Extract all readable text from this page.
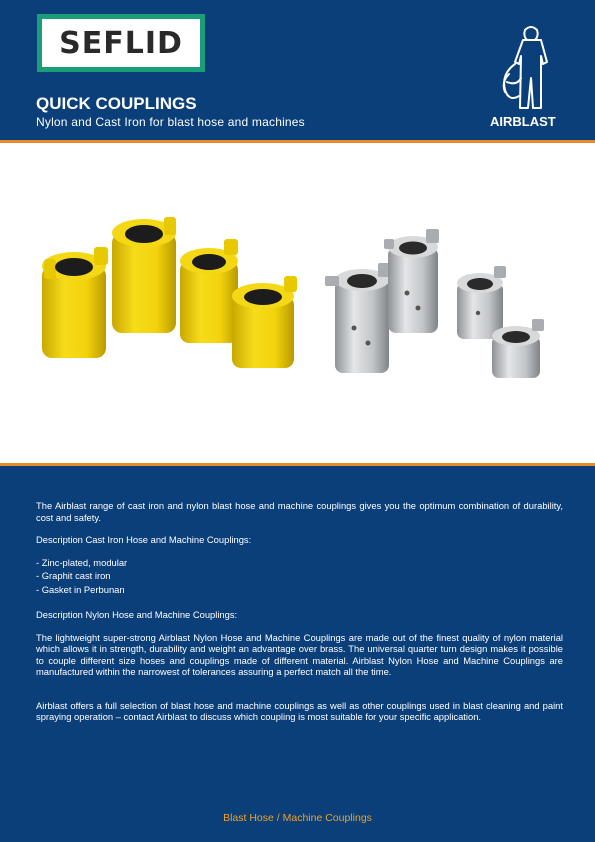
SEFLID
QUICK COUPLINGS
Nylon and Cast Iron for blast hose and machines	AIRBLAST

The Airblast range of cast iron and nylon blast hose and machine couplings gives you the optimum combination of durability, cost and safety.

Description Cast Iron Hose and Machine Couplings:

- Zinc-plated, modular
- Graphit cast iron
- Gasket in Perbunan

Description Nylon Hose and Machine Couplings:

The lightweight super-strong Airblast Nylon Hose and Machine Couplings are made out of the finest quality of nylon material which allows it in strength, durability and weight an advantage over brass. The universal quarter turn design makes it possible to couple different size hoses and couplings made of different material. Airblast Nylon Hose and Machine Couplings are manufactured within the narrowest of tolerances assuring a perfect match all the time.

Airblast offers a full selection of blast hose and machine couplings as well as other couplings used in blast cleaning and paint spraying operation – contact Airblast to discuss which coupling is most suitable for your specific application.

Blast Hose / Machine Couplings
